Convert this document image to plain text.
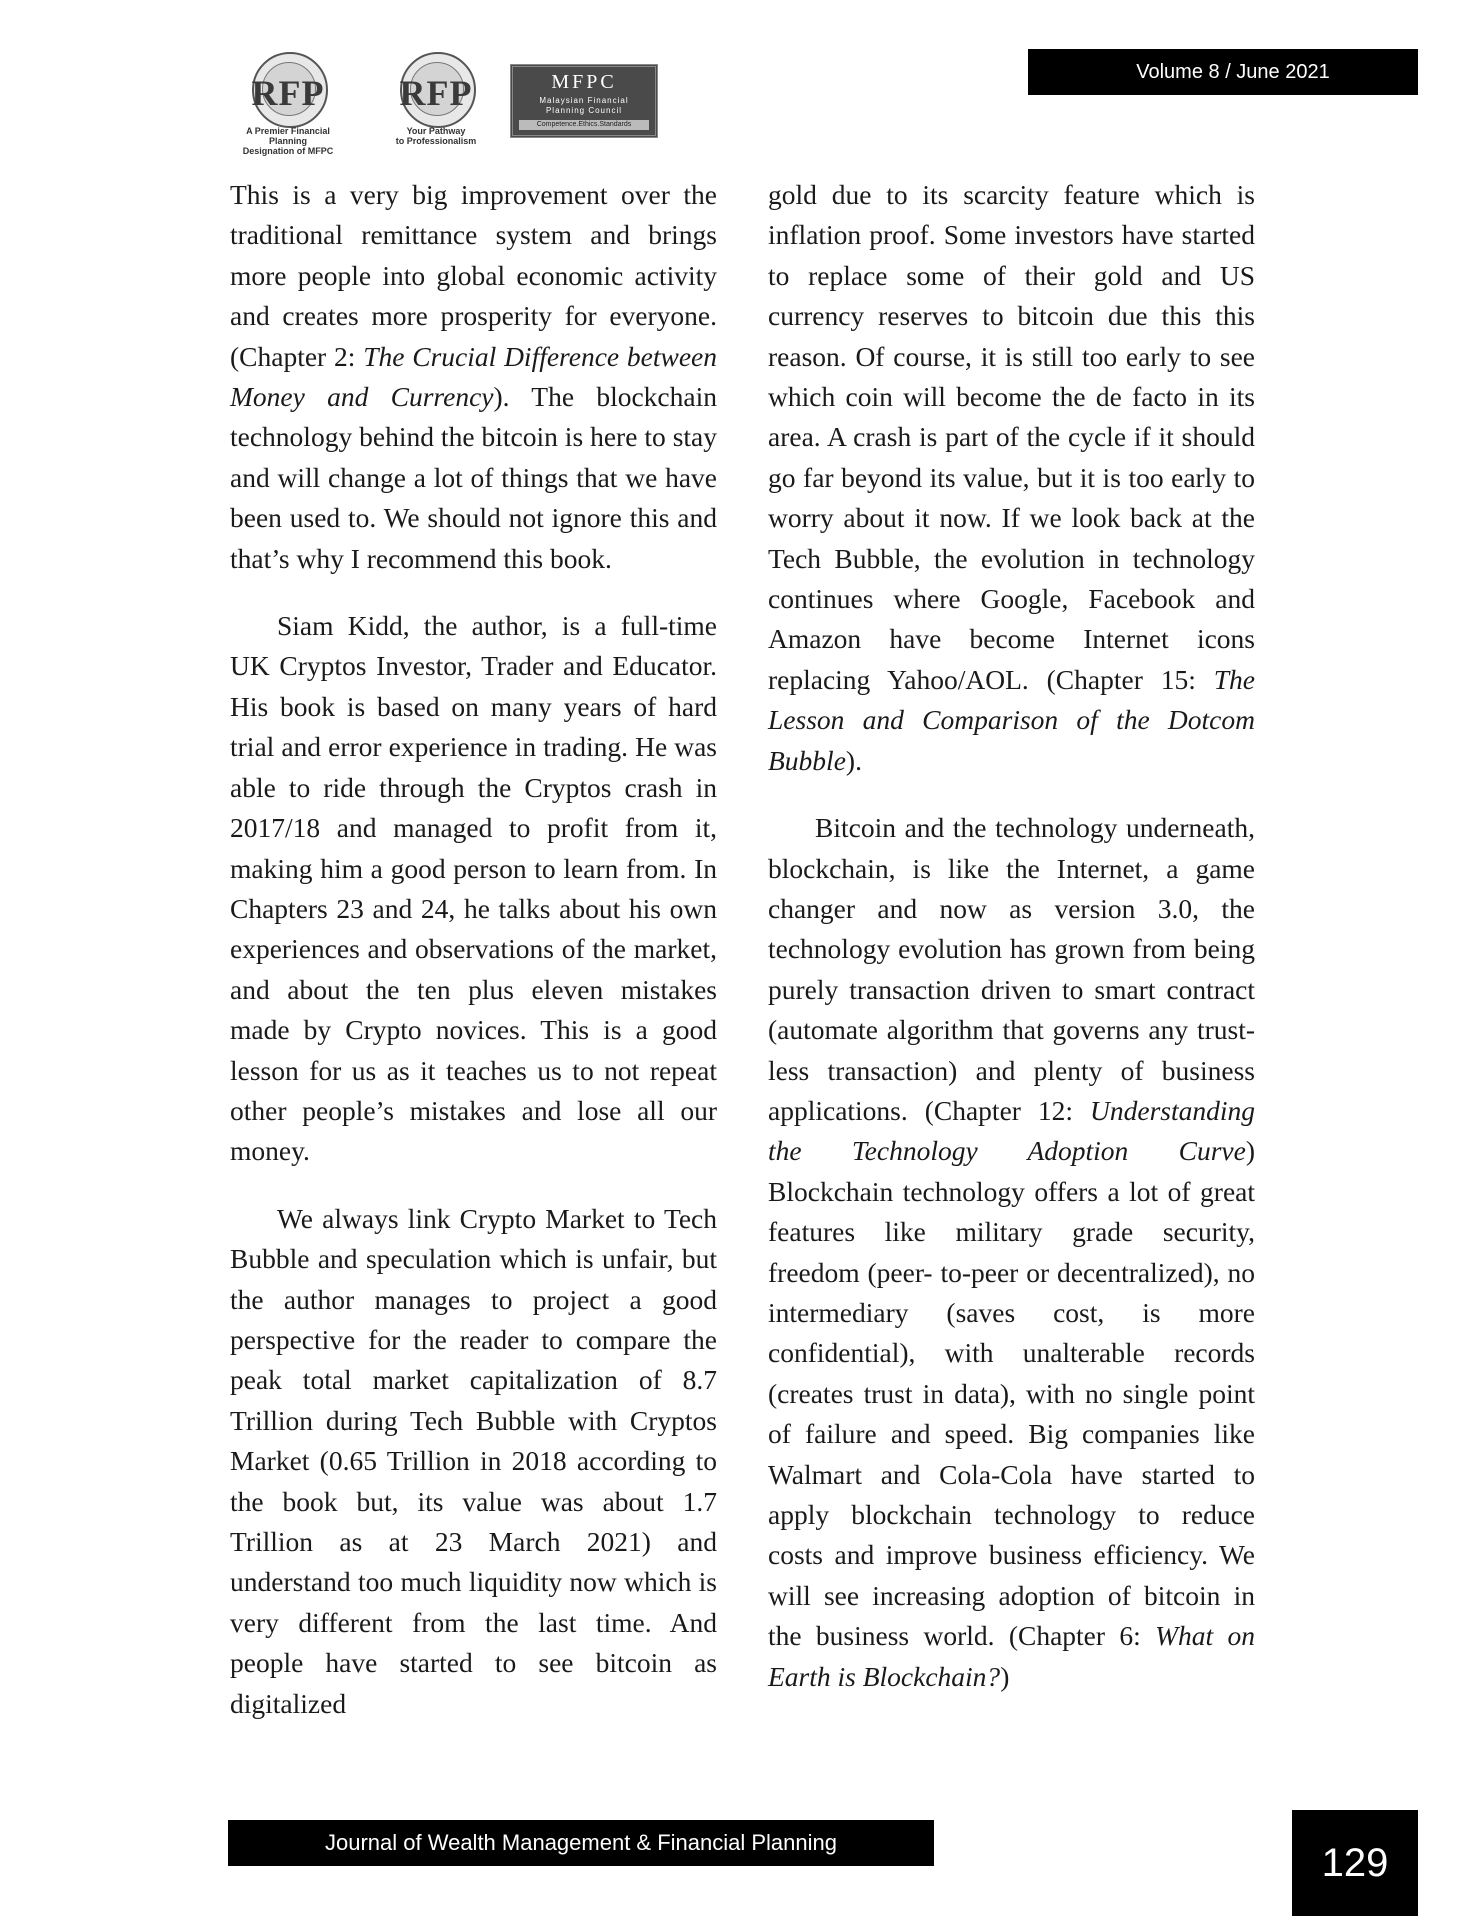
RFP
A Premier Financial Planning
Designation of MFPC
RFP
Your Pathway
to Professionalism
MFPC
Malaysian Financial
Planning Council
Competence.Ethics.Standards
Volume 8 / June 2021

This is a very big improvement over the traditional remittance system and brings more people into global economic activity and creates more prosperity for everyone. (Chapter 2: The Crucial Difference between Money and Currency). The blockchain technology behind the bitcoin is here to stay and will change a lot of things that we have been used to. We should not ignore this and that’s why I recommend this book.

Siam Kidd, the author, is a full-time UK Cryptos Investor, Trader and Educator. His book is based on many years of hard trial and error experience in trading. He was able to ride through the Cryptos crash in 2017/18 and managed to profit from it, making him a good person to learn from. In Chapters 23 and 24, he talks about his own experiences and observations of the market, and about the ten plus eleven mistakes made by Crypto novices. This is a good lesson for us as it teaches us to not repeat other people’s mistakes and lose all our money.

We always link Crypto Market to Tech Bubble and speculation which is unfair, but the author manages to project a good perspective for the reader to compare the peak total market capitalization of 8.7 Trillion during Tech Bubble with Cryptos Market (0.65 Trillion in 2018 according to the book but, its value was about 1.7 Trillion as at 23 March 2021) and understand too much liquidity now which is very different from the last time. And people have started to see bitcoin as digitalized

gold due to its scarcity feature which is inflation proof. Some investors have started to replace some of their gold and US currency reserves to bitcoin due this this reason. Of course, it is still too early to see which coin will become the de facto in its area. A crash is part of the cycle if it should go far beyond its value, but it is too early to worry about it now. If we look back at the Tech Bubble, the evolution in technology continues where Google, Facebook and Amazon have become Internet icons replacing Yahoo/AOL. (Chapter 15: The Lesson and Comparison of the Dotcom Bubble).

Bitcoin and the technology underneath, blockchain, is like the Internet, a game changer and now as version 3.0, the technology evolution has grown from being purely transaction driven to smart contract (automate algorithm that governs any trust-less transaction) and plenty of business applications. (Chapter 12: Understanding the Technology Adoption Curve) Blockchain technology offers a lot of great features like military grade security, freedom (peer- to-peer or decentralized), no intermediary (saves cost, is more confidential), with unalterable records (creates trust in data), with no single point of failure and speed. Big companies like Walmart and Cola-Cola have started to apply blockchain technology to reduce costs and improve business efficiency. We will see increasing adoption of bitcoin in the business world. (Chapter 6: What on Earth is Blockchain?)

Journal of Wealth Management & Financial Planning	129
